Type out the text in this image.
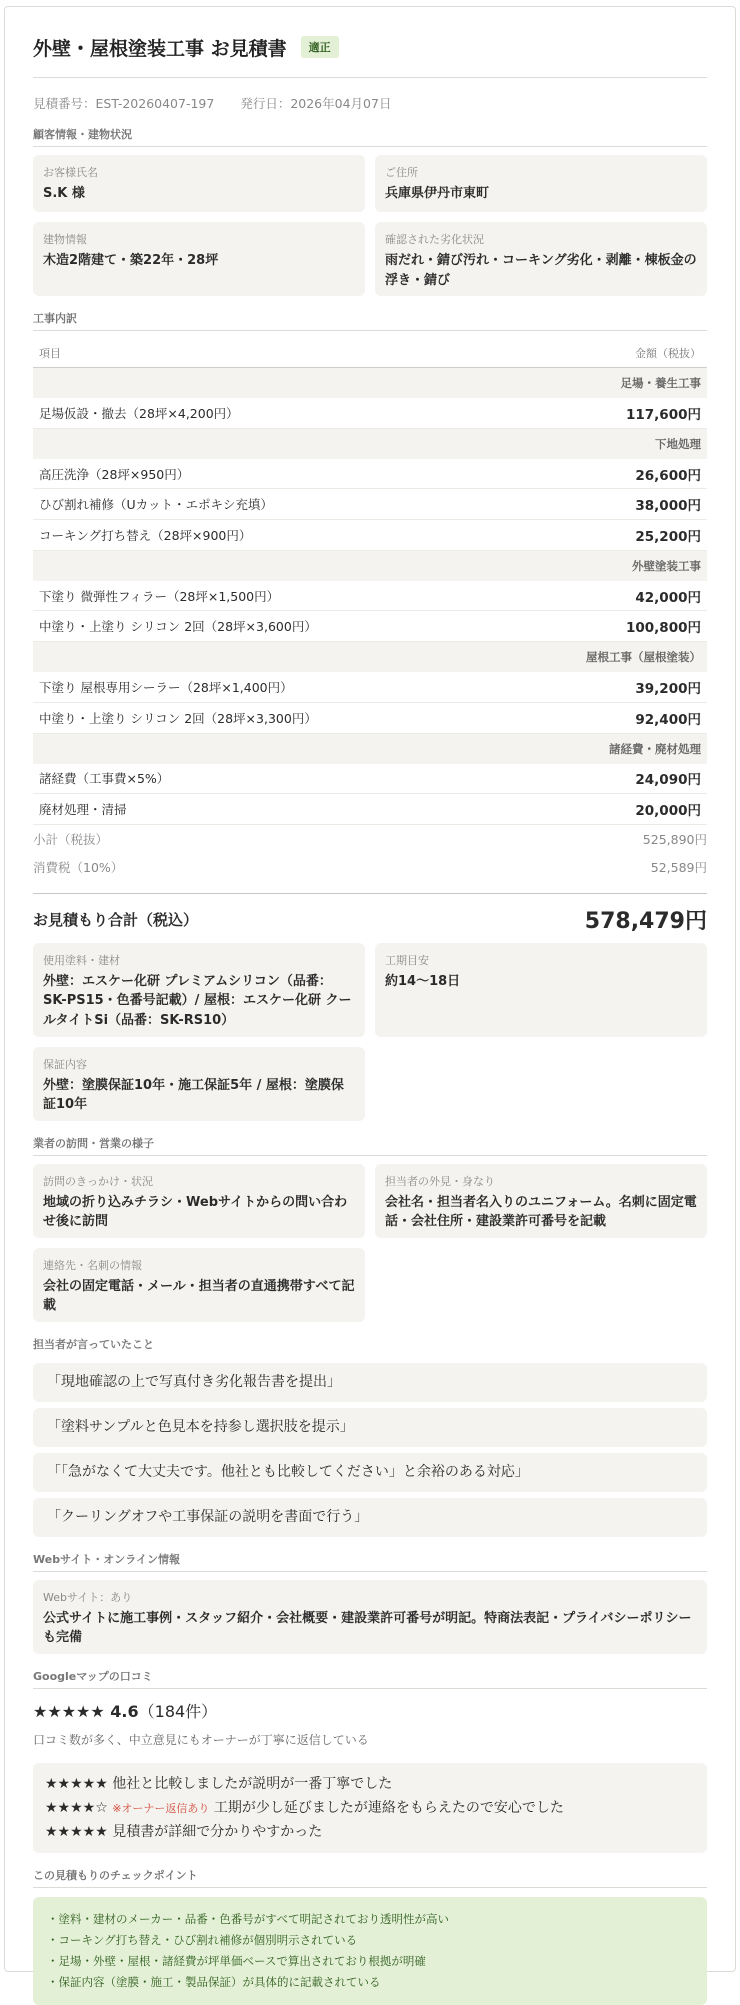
外壁・屋根塗装工事 お見積書	適正
見積番号：EST-20260407-197 発行日：2026年04月07日
顧客情報・建物状況
お客様氏名
S.K 様
ご住所
兵庫県伊丹市東町
建物情報
木造2階建て・築22年・28坪
確認された劣化状況
雨だれ・錆び汚れ・コーキング劣化・剥離・棟板金の浮き・錆び
工事内訳
項目	金額（税抜）
足場・養生工事
足場仮設・撤去（28坪×4,200円）	117,600円
下地処理
高圧洗浄（28坪×950円）	26,600円
ひび割れ補修（Uカット・エポキシ充填）	38,000円
コーキング打ち替え（28坪×900円）	25,200円
外壁塗装工事
下塗り 微弾性フィラー（28坪×1,500円）	42,000円
中塗り・上塗り シリコン 2回（28坪×3,600円）	100,800円
屋根工事（屋根塗装）
下塗り 屋根専用シーラー（28坪×1,400円）	39,200円
中塗り・上塗り シリコン 2回（28坪×3,300円）	92,400円
諸経費・廃材処理
諸経費（工事費×5%）	24,090円
廃材処理・清掃	20,000円
小計（税抜）	525,890円
消費税（10%）	52,589円
お見積もり合計（税込）	578,479円
使用塗料・建材
外壁：エスケー化研 プレミアムシリコン（品番：SK-PS15・色番号記載）/ 屋根：エスケー化研 クールタイトSi（品番：SK-RS10）
工期目安
約14〜18日
保証内容
外壁：塗膜保証10年・施工保証5年 / 屋根：塗膜保証10年
業者の訪問・営業の様子
訪問のきっかけ・状況
地域の折り込みチラシ・Webサイトからの問い合わせ後に訪問
担当者の外見・身なり
会社名・担当者名入りのユニフォーム。名刺に固定電話・会社住所・建設業許可番号を記載
連絡先・名刺の情報
会社の固定電話・メール・担当者の直通携帯すべて記載
担当者が言っていたこと
「現地確認の上で写真付き劣化報告書を提出」
「塗料サンプルと色見本を持参し選択肢を提示」
「「急がなくて大丈夫です。他社とも比較してください」と余裕のある対応」
「クーリングオフや工事保証の説明を書面で行う」
Webサイト・オンライン情報
Webサイト：あり
公式サイトに施工事例・スタッフ紹介・会社概要・建設業許可番号が明記。特商法表記・プライバシーポリシーも完備
Googleマップの口コミ
★★★★★ 4.6（184件）
口コミ数が多く、中立意見にもオーナーが丁寧に返信している
★★★★★ 他社と比較しましたが説明が一番丁寧でした
★★★★☆ ※オーナー返信あり 工期が少し延びましたが連絡をもらえたので安心でした
★★★★★ 見積書が詳細で分かりやすかった
この見積もりのチェックポイント
・塗料・建材のメーカー・品番・色番号がすべて明記されており透明性が高い
・コーキング打ち替え・ひび割れ補修が個別明示されている
・足場・外壁・屋根・諸経費が坪単価ベースで算出されており根拠が明確
・保証内容（塗膜・施工・製品保証）が具体的に記載されている
